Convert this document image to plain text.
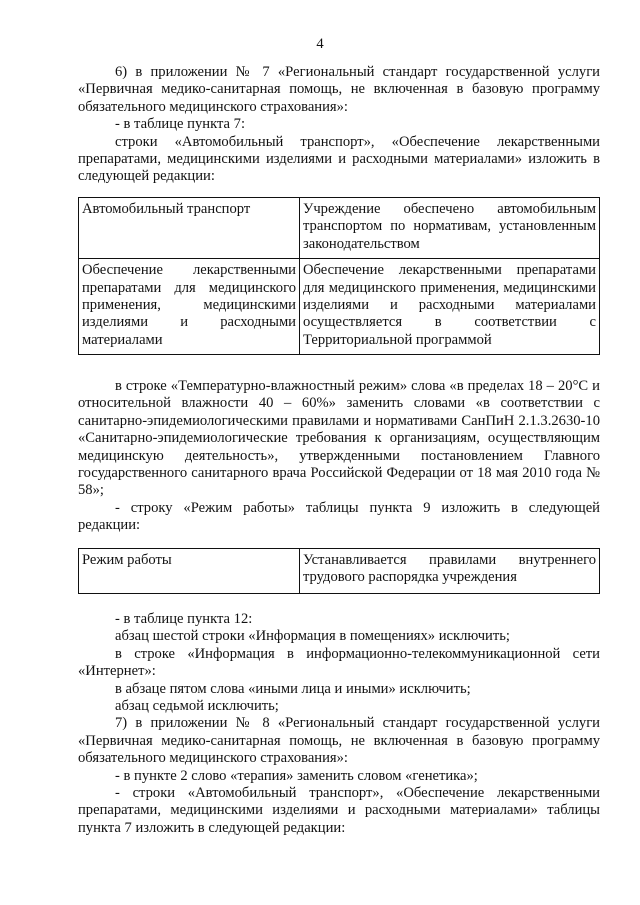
4

6) в приложении № 7 «Региональный стандарт государственной услуги «Первичная медико-санитарная помощь, не включенная в базовую программу обязательного медицинского страхования»:

- в таблице пункта 7:

строки «Автомобильный транспорт», «Обеспечение лекарственными препаратами, медицинскими изделиями и расходными материалами» изложить в следующей редакции:

Автомобильный транспорт	Учреждение обеспечено автомобильным транспортом по нормативам, установленным законодательством
Обеспечение лекарственными препаратами для медицинского применения, медицинскими изделиями и расходными материалами	Обеспечение лекарственными препаратами для медицинского применения, медицинскими изделиями и расходными материалами осуществляется в соответствии с Территориальной программой

в строке «Температурно-влажностный режим» слова «в пределах 18 – 20°С и относительной влажности 40 – 60%» заменить словами «в соответствии с санитарно-эпидемиологическими правилами и нормативами СанПиН 2.1.3.2630-10 «Санитарно-эпидемиологические требования к организациям, осуществляющим медицинскую деятельность», утвержденными постановлением Главного государственного санитарного врача Российской Федерации от 18 мая 2010 года № 58»;

- строку «Режим работы» таблицы пункта 9 изложить в следующей редакции:

Режим работы	Устанавливается правилами внутреннего трудового распорядка учреждения

- в таблице пункта 12:

абзац шестой строки «Информация в помещениях» исключить;

в строке «Информация в информационно-телекоммуникационной сети «Интернет»:

в абзаце пятом слова «иными лица и иными» исключить;

абзац седьмой исключить;

7) в приложении № 8 «Региональный стандарт государственной услуги «Первичная медико-санитарная помощь, не включенная в базовую программу обязательного медицинского страхования»:

- в пункте 2 слово «терапия» заменить словом «генетика»;

- строки «Автомобильный транспорт», «Обеспечение лекарственными препаратами, медицинскими изделиями и расходными материалами» таблицы пункта 7 изложить в следующей редакции:
